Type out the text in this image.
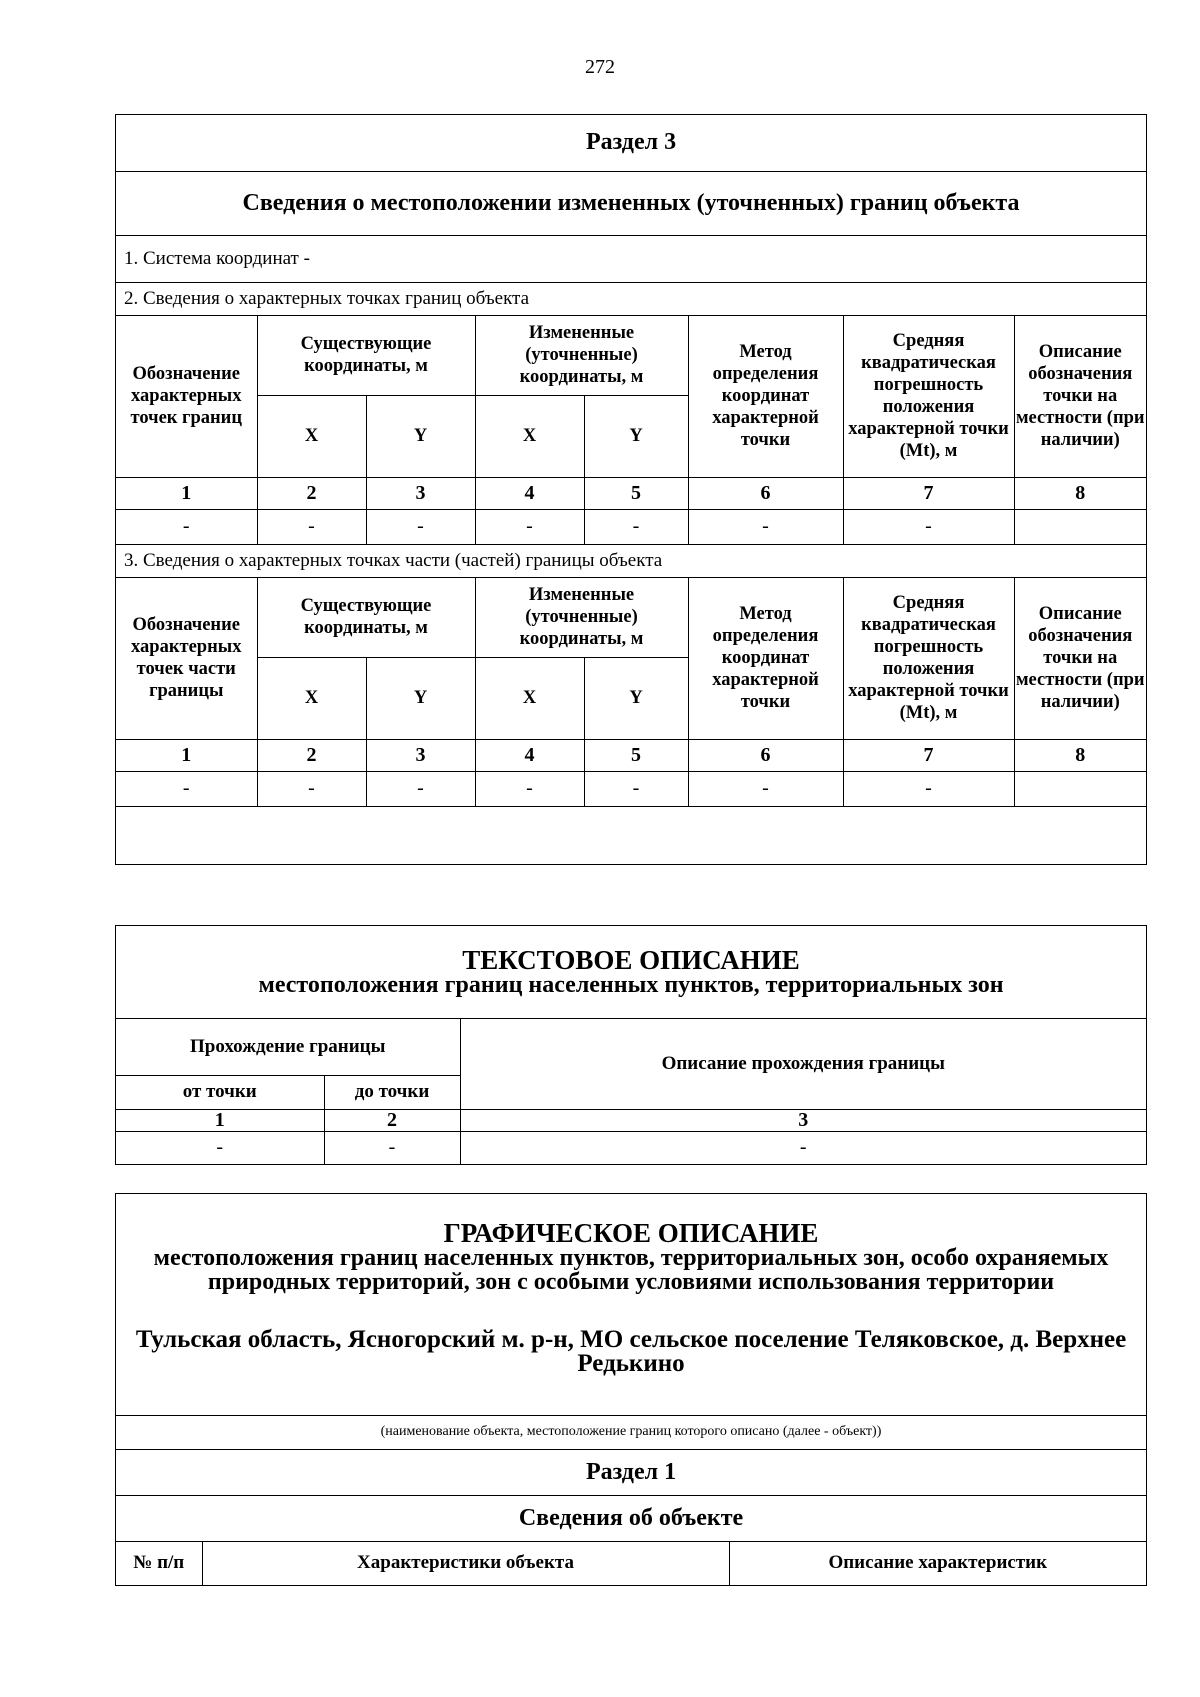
272
Раздел 3							
Сведения о местоположении измененных (уточненных) границ объекта							
1. Система координат -							
2. Сведения о характерных точках границ объекта							
Обозначение характерных точек границ	Существующие координаты, м		Измененные (уточненные) координаты, м		Метод определения координат характерной точки	Средняя квадратическая погрешность положения характерной точки (Mt), м	Описание обозначения точки на местности (при наличии)
	X	Y	X	Y			
1	2	3	4	5	6	7	8
-	-	-	-	-	-	-	
3. Сведения о характерных точках части (частей) границы объекта							
Обозначение характерных точек части границы	Существующие координаты, м		Измененные (уточненные) координаты, м		Метод определения координат характерной точки	Средняя квадратическая погрешность положения характерной точки (Mt), м	Описание обозначения точки на местности (при наличии)
	X	Y	X	Y			
1	2	3	4	5	6	7	8
-	-	-	-	-	-	-	

ТЕКСТОВОЕ ОПИСАНИЕ
местоположения границ населенных пунктов, территориальных зон		

Прохождение границы		Описание прохождения границы
от точки	до точки	
1	2	3
-	-	-
ГРАФИЧЕСКОЕ ОПИСАНИЕ
местоположения границ населенных пунктов, территориальных зон, особо охраняемых природных территорий, зон с особыми условиями использования территории
Тульская область, Ясногорский м. р-н, МО сельское поселение Теляковское, д. Верхнее Редькино

(наименование объекта, местоположение границ которого описано (далее - объект))
Раздел 1
Сведения об объекте
№ п/п	Характеристики объекта	Описание характеристик
